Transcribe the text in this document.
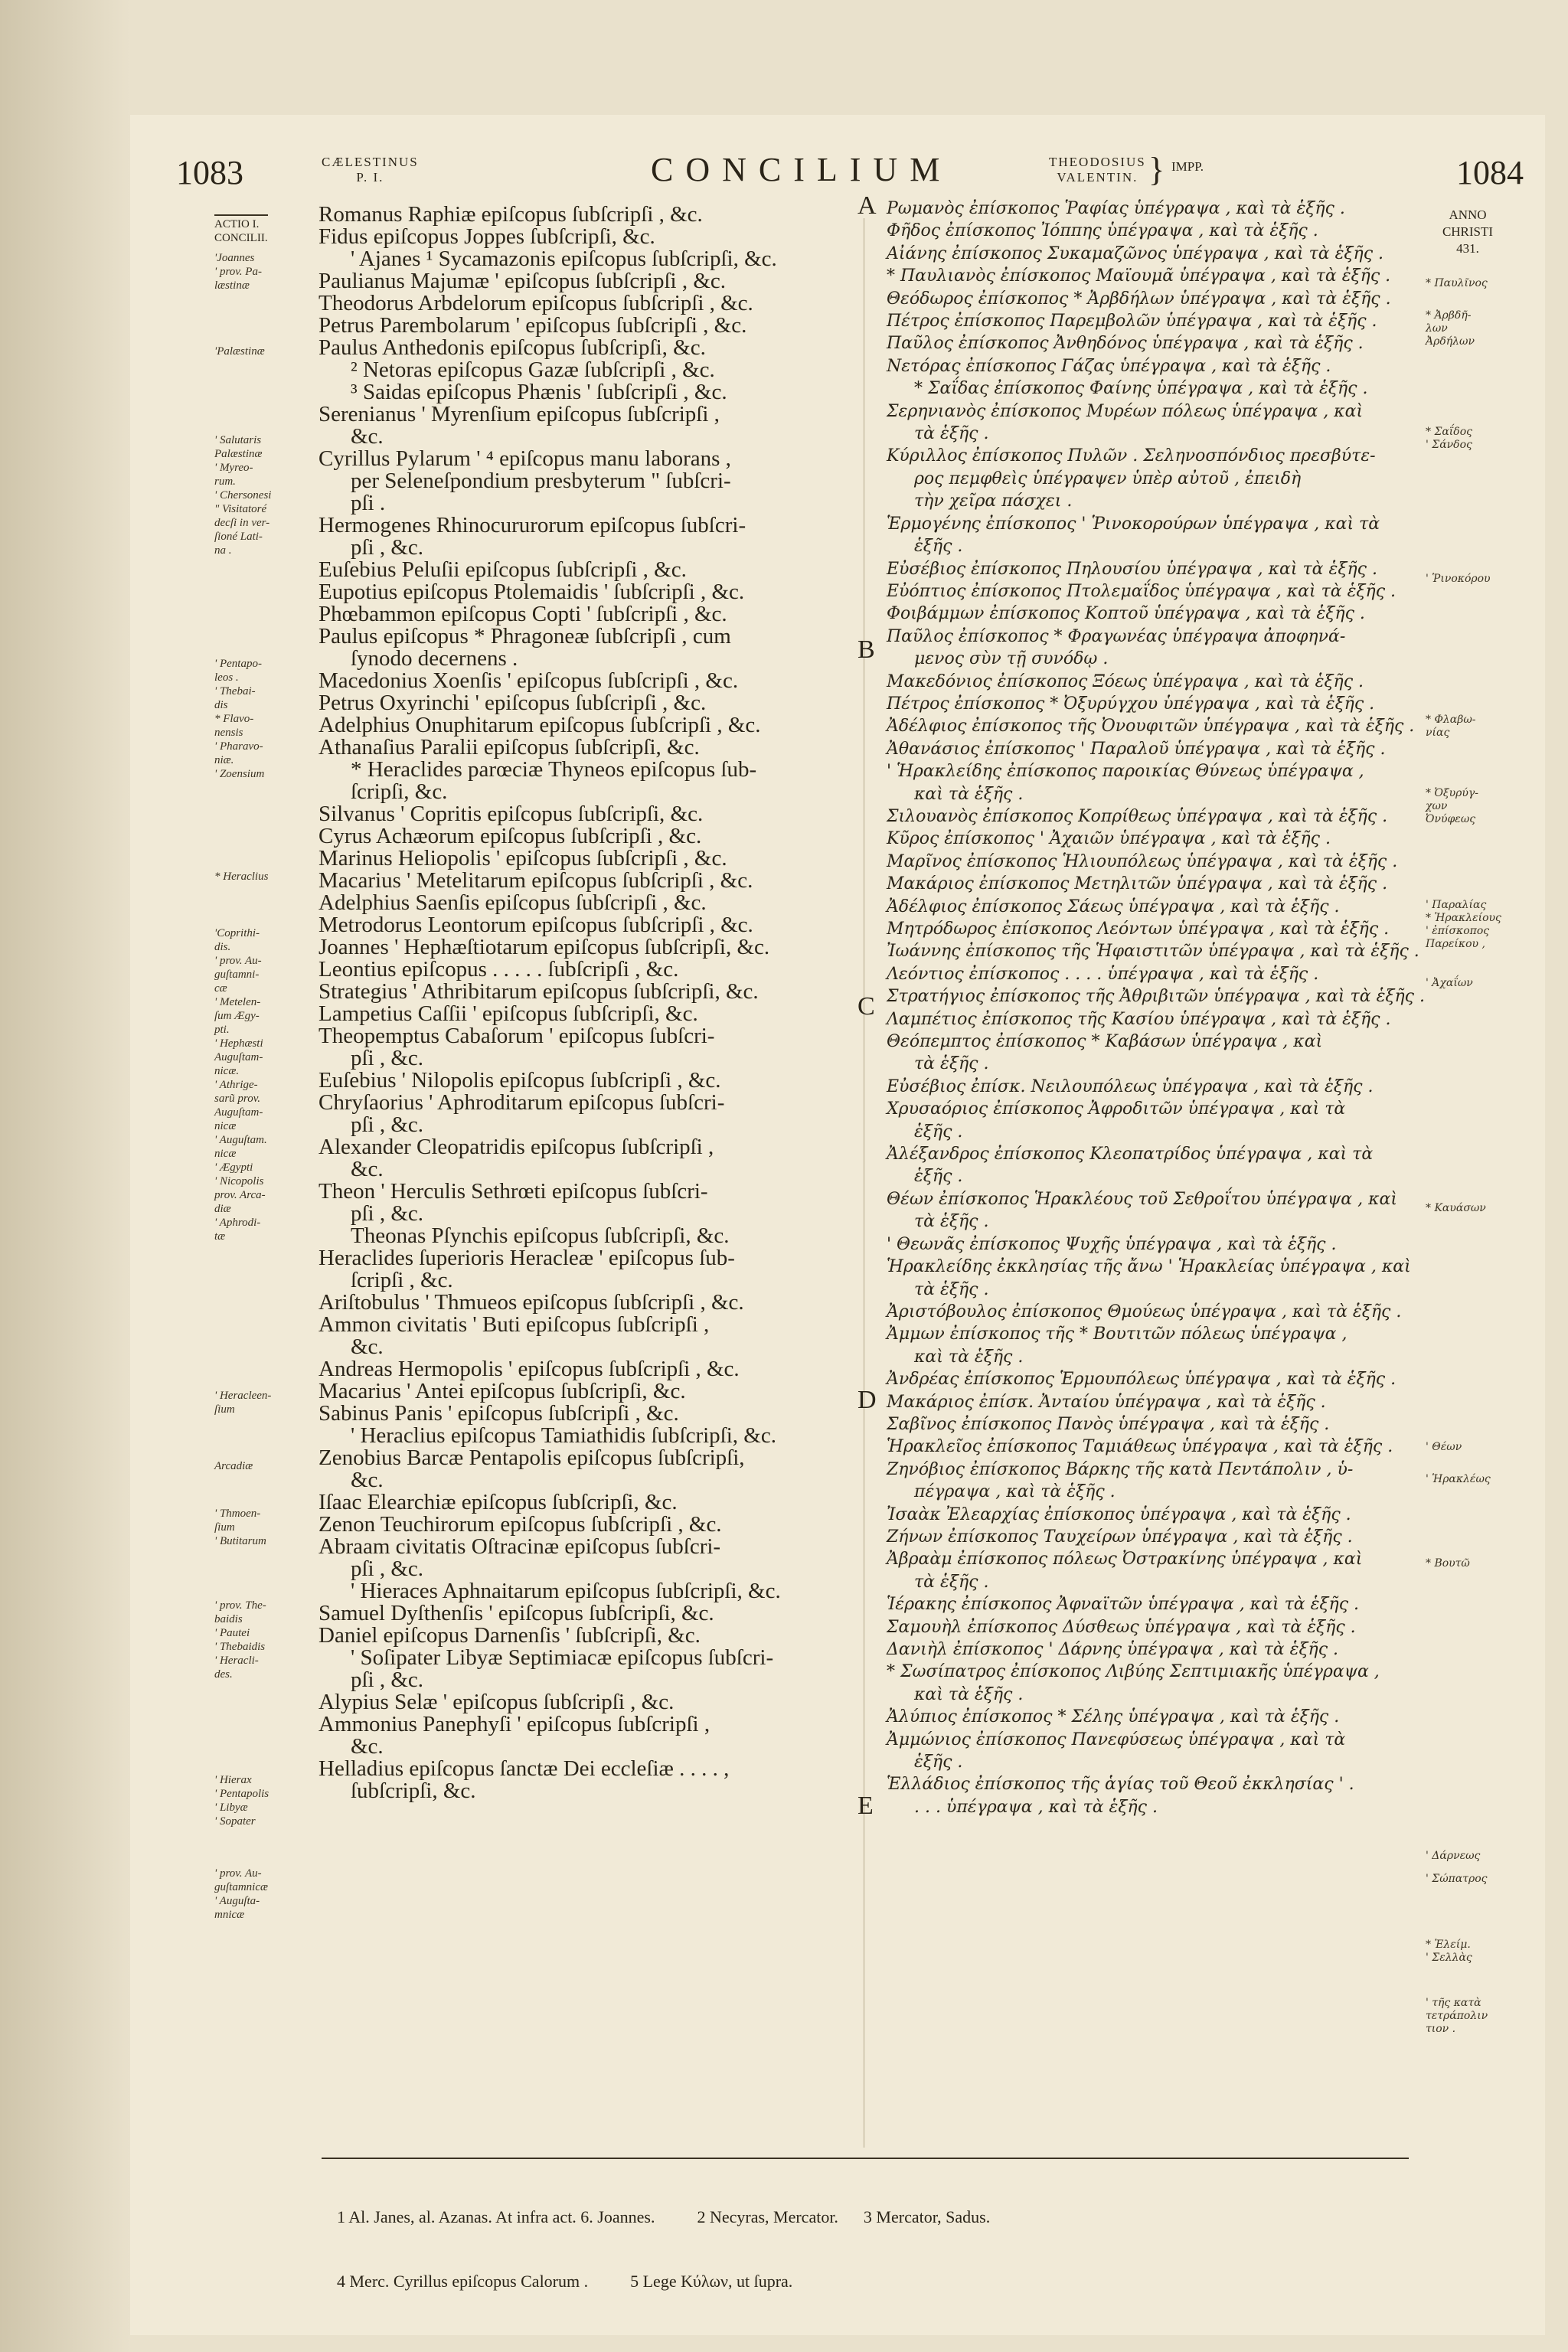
1083	CÆLESTINUS
P. I.	CONCILIUM	THEODOSIUS
VALENTIN. } IMPP.	1084
ACTIO I.
CONCILII.
'Joannes
' prov. Pa-
læstinæ
'Palæstinæ
' Salutaris
Palæstinæ
' Myreo-
rum.
' Chersonesi
" Visitatoré
decſi in ver-
ſioné Lati-
na .
' Pentapo-
leos .
' Thebai-
dis
* Flavo-
nensis
' Pharavo-
niæ.
' Zoensium
* Heraclius
'Coprithi-
dis.
' prov. Au-
guſtamni-
cæ
' Metelen-
ſum Ægy-
pti.
' Hephæsti
Auguſtam-
nicæ.
' Athrige-
sarũ prov.
Auguſtam-
nicæ
' Auguſtam.
nicæ
' Ægypti
' Nicopolis
prov. Arca-
diæ
' Aphrodi-
tæ
' Heracleen-
ſium
Arcadiæ
' Thmoen-
ſium
' Butitarum
' prov. The-
baidis
' Pautei
' Thebaidis
' Heracli-
des.
' Hierax
' Pentapolis
' Libyæ
' Sopater
' prov. Au-
guſtamnicæ
' Auguſta-
mnicæ
Romanus Raphiæ epiſcopus ſubſcripſi , &c.
Fidus epiſcopus Joppes ſubſcripſi, &c.
' Ajanes ¹ Sycamazonis epiſcopus ſubſcripſi, &c.
Paulianus Majumæ ' epiſcopus ſubſcripſi , &c.
Theodorus Arbdelorum epiſcopus ſubſcripſi , &c.
Petrus Parembolarum ' epiſcopus ſubſcripſi , &c.
Paulus Anthedonis epiſcopus ſubſcripſi, &c.
² Netoras epiſcopus Gazæ ſubſcripſi , &c.
³ Saidas epiſcopus Phænis ' ſubſcripſi , &c.
Serenianus ' Myrenſium epiſcopus ſubſcripſi ,
&c.
Cyrillus Pylarum ' ⁴ epiſcopus manu laborans ,
per Seleneſpondium presbyterum " ſubſcri-
pſi .
Hermogenes Rhinocururorum epiſcopus ſubſcri-
pſi , &c.
Euſebius Peluſii epiſcopus ſubſcripſi , &c.
Eupotius epiſcopus Ptolemaidis ' ſubſcripſi , &c.
Phœbammon epiſcopus Copti ' ſubſcripſi , &c.
Paulus epiſcopus * Phragoneæ ſubſcripſi , cum
ſynodo decernens .
Macedonius Xoenſis ' epiſcopus ſubſcripſi , &c.
Petrus Oxyrinchi ' epiſcopus ſubſcripſi , &c.
Adelphius Onuphitarum epiſcopus ſubſcripſi , &c.
Athanaſius Paralii epiſcopus ſubſcripſi, &c.
* Heraclides parœciæ Thyneos epiſcopus ſub-
ſcripſi, &c.
Silvanus ' Copritis epiſcopus ſubſcripſi, &c.
Cyrus Achæorum epiſcopus ſubſcripſi , &c.
Marinus Heliopolis ' epiſcopus ſubſcripſi , &c.
Macarius ' Metelitarum epiſcopus ſubſcripſi , &c.
Adelphius Saenſis epiſcopus ſubſcripſi , &c.
Metrodorus Leontorum epiſcopus ſubſcripſi , &c.
Joannes ' Hephæſtiotarum epiſcopus ſubſcripſi, &c.
Leontius epiſcopus . . . . . ſubſcripſi , &c.
Strategius ' Athribitarum epiſcopus ſubſcripſi, &c.
Lampetius Caſſii ' epiſcopus ſubſcripſi, &c.
Theopemptus Cabaſorum ' epiſcopus ſubſcri-
pſi , &c.
Euſebius ' Nilopolis epiſcopus ſubſcripſi , &c.
Chryſaorius ' Aphroditarum epiſcopus ſubſcri-
pſi , &c.
Alexander Cleopatridis epiſcopus ſubſcripſi ,
&c.
Theon ' Herculis Sethrœti epiſcopus ſubſcri-
pſi , &c.
Theonas Pſynchis epiſcopus ſubſcripſi, &c.
Heraclides ſuperioris Heracleæ ' epiſcopus ſub-
ſcripſi , &c.
Ariſtobulus ' Thmueos epiſcopus ſubſcripſi , &c.
Ammon civitatis ' Buti epiſcopus ſubſcripſi ,
&c.
Andreas Hermopolis ' epiſcopus ſubſcripſi , &c.
Macarius ' Antei epiſcopus ſubſcripſi, &c.
Sabinus Panis ' epiſcopus ſubſcripſi , &c.
' Heraclius epiſcopus Tamiathidis ſubſcripſi, &c.
Zenobius Barcæ Pentapolis epiſcopus ſubſcripſi,
&c.
Iſaac Elearchiæ epiſcopus ſubſcripſi, &c.
Zenon Teuchirorum epiſcopus ſubſcripſi , &c.
Abraam civitatis Oſtracinæ epiſcopus ſubſcri-
pſi , &c.
' Hieraces Aphnaitarum epiſcopus ſubſcripſi, &c.
Samuel Dyſthenſis ' epiſcopus ſubſcripſi, &c.
Daniel epiſcopus Darnenſis ' ſubſcripſi, &c.
' Soſipater Libyæ Septimiacæ epiſcopus ſubſcri-
pſi , &c.
Alypius Selæ ' epiſcopus ſubſcripſi , &c.
Ammonius Panephyſi ' epiſcopus ſubſcripſi ,
&c.
Helladius epiſcopus ſanctæ Dei eccleſiæ . . . . ,
ſubſcripſi, &c.
A
B
C
D
E
Ρωμανὸς ἐπίσκοπος Ῥαφίας ὑπέγραψα , καὶ τὰ ἑξῆς .
Φῆδος ἐπίσκοπος Ἰόππης ὑπέγραψα , καὶ τὰ ἑξῆς .
Αἰάνης ἐπίσκοπος Συκαμαζῶνος ὑπέγραψα , καὶ τὰ ἑξῆς .
* Παυλιανὸς ἐπίσκοπος Μαϊουμᾶ ὑπέγραψα , καὶ τὰ ἑξῆς .
Θεόδωρος ἐπίσκοπος * Ἀρβδήλων ὑπέγραψα , καὶ τὰ ἑξῆς .
Πέτρος ἐπίσκοπος Παρεμβολῶν ὑπέγραψα , καὶ τὰ ἑξῆς .
Παῦλος ἐπίσκοπος Ἀνθηδόνος ὑπέγραψα , καὶ τὰ ἑξῆς .
Νετόρας ἐπίσκοπος Γάζας ὑπέγραψα , καὶ τὰ ἑξῆς .
* Σαΐδας ἐπίσκοπος Φαίνης ὑπέγραψα , καὶ τὰ ἑξῆς .
Σερηνιανὸς ἐπίσκοπος Μυρέων πόλεως ὑπέγραψα , καὶ
τὰ ἑξῆς .
Κύριλλος ἐπίσκοπος Πυλῶν . Σεληνοσπόνδιος πρεσβύτε-
ρος πεμφθεὶς ὑπέγραψεν ὑπὲρ αὐτοῦ , ἐπειδὴ
τὴν χεῖρα πάσχει .
Ἑρμογένης ἐπίσκοπος ' Ῥινοκορούρων ὑπέγραψα , καὶ τὰ
ἑξῆς .
Εὐσέβιος ἐπίσκοπος Πηλουσίου ὑπέγραψα , καὶ τὰ ἑξῆς .
Εὐόπτιος ἐπίσκοπος Πτολεμαΐδος ὑπέγραψα , καὶ τὰ ἑξῆς .
Φοιβάμμων ἐπίσκοπος Κοπτοῦ ὑπέγραψα , καὶ τὰ ἑξῆς .
Παῦλος ἐπίσκοπος * Φραγωνέας ὑπέγραψα ἀποφηνά-
μενος σὺν τῇ συνόδῳ .
Μακεδόνιος ἐπίσκοπος Ξόεως ὑπέγραψα , καὶ τὰ ἑξῆς .
Πέτρος ἐπίσκοπος * Ὀξυρύγχου ὑπέγραψα , καὶ τὰ ἑξῆς .
Ἀδέλφιος ἐπίσκοπος τῆς Ὀνουφιτῶν ὑπέγραψα , καὶ τὰ ἑξῆς .
Ἀθανάσιος ἐπίσκοπος ' Παραλοῦ ὑπέγραψα , καὶ τὰ ἑξῆς .
' Ἡρακλείδης ἐπίσκοπος παροικίας Θύνεως ὑπέγραψα ,
καὶ τὰ ἑξῆς .
Σιλουανὸς ἐπίσκοπος Κοπρίθεως ὑπέγραψα , καὶ τὰ ἑξῆς .
Κῦρος ἐπίσκοπος ' Ἀχαιῶν ὑπέγραψα , καὶ τὰ ἑξῆς .
Μαρῖνος ἐπίσκοπος Ἡλιουπόλεως ὑπέγραψα , καὶ τὰ ἑξῆς .
Μακάριος ἐπίσκοπος Μετηλιτῶν ὑπέγραψα , καὶ τὰ ἑξῆς .
Ἀδέλφιος ἐπίσκοπος Σάεως ὑπέγραψα , καὶ τὰ ἑξῆς .
Μητρόδωρος ἐπίσκοπος Λεόντων ὑπέγραψα , καὶ τὰ ἑξῆς .
Ἰωάννης ἐπίσκοπος τῆς Ἡφαιστιτῶν ὑπέγραψα , καὶ τὰ ἑξῆς .
Λεόντιος ἐπίσκοπος . . . . ὑπέγραψα , καὶ τὰ ἑξῆς .
Στρατήγιος ἐπίσκοπος τῆς Ἀθριβιτῶν ὑπέγραψα , καὶ τὰ ἑξῆς .
Λαμπέτιος ἐπίσκοπος τῆς Κασίου ὑπέγραψα , καὶ τὰ ἑξῆς .
Θεόπεμπτος ἐπίσκοπος * Καβάσων ὑπέγραψα , καὶ
τὰ ἑξῆς .
Εὐσέβιος ἐπίσκ. Νειλουπόλεως ὑπέγραψα , καὶ τὰ ἑξῆς .
Χρυσαόριος ἐπίσκοπος Ἀφροδιτῶν ὑπέγραψα , καὶ τὰ
ἑξῆς .
Ἀλέξανδρος ἐπίσκοπος Κλεοπατρίδος ὑπέγραψα , καὶ τὰ
ἑξῆς .
Θέων ἐπίσκοπος Ἡρακλέους τοῦ Σεθροΐτου ὑπέγραψα , καὶ
τὰ ἑξῆς .
' Θεωνᾶς ἐπίσκοπος Ψυχῆς ὑπέγραψα , καὶ τὰ ἑξῆς .
Ἡρακλείδης ἐκκλησίας τῆς ἄνω ' Ἡρακλείας ὑπέγραψα , καὶ
τὰ ἑξῆς .
Ἀριστόβουλος ἐπίσκοπος Θμούεως ὑπέγραψα , καὶ τὰ ἑξῆς .
Ἀμμων ἐπίσκοπος τῆς * Βουτιτῶν πόλεως ὑπέγραψα ,
καὶ τὰ ἑξῆς .
Ἀνδρέας ἐπίσκοπος Ἑρμουπόλεως ὑπέγραψα , καὶ τὰ ἑξῆς .
Μακάριος ἐπίσκ. Ἀνταίου ὑπέγραψα , καὶ τὰ ἑξῆς .
Σαβῖνος ἐπίσκοπος Πανὸς ὑπέγραψα , καὶ τὰ ἑξῆς .
Ἡρακλεῖος ἐπίσκοπος Ταμιάθεως ὑπέγραψα , καὶ τὰ ἑξῆς .
Ζηνόβιος ἐπίσκοπος Βάρκης τῆς κατὰ Πεντάπολιν , ὑ-
πέγραψα , καὶ τὰ ἑξῆς .
Ἰσαὰκ Ἐλεαρχίας ἐπίσκοπος ὑπέγραψα , καὶ τὰ ἑξῆς .
Ζήνων ἐπίσκοπος Ταυχείρων ὑπέγραψα , καὶ τὰ ἑξῆς .
Ἀβραὰμ ἐπίσκοπος πόλεως Ὀστρακίνης ὑπέγραψα , καὶ
τὰ ἑξῆς .
Ἱέρακης ἐπίσκοπος Ἀφναϊτῶν ὑπέγραψα , καὶ τὰ ἑξῆς .
Σαμουὴλ ἐπίσκοπος Δύσθεως ὑπέγραψα , καὶ τὰ ἑξῆς .
Δανιὴλ ἐπίσκοπος ' Δάρνης ὑπέγραψα , καὶ τὰ ἑξῆς .
* Σωσίπατρος ἐπίσκοπος Λιβύης Σεπτιμιακῆς ὑπέγραψα ,
καὶ τὰ ἑξῆς .
Ἀλύπιος ἐπίσκοπος * Σέλης ὑπέγραψα , καὶ τὰ ἑξῆς .
Ἀμμώνιος ἐπίσκοπος Πανεφύσεως ὑπέγραψα , καὶ τὰ
ἑξῆς .
Ἑλλάδιος ἐπίσκοπος τῆς ἁγίας τοῦ Θεοῦ ἐκκλησίας ' .
. . . ὑπέγραψα , καὶ τὰ ἑξῆς .
ANNO
CHRISTI
431.
* Παυλῖνος
* Ἀρβδῆ-
λων
Ἀρδήλων
* Σαΐδος
' Σάνδος
' Ῥινοκόρου
* Φλαβω-
νίας
* Ὀξυρύγ-
χων
Ὀνύφεως
' Παραλίας
* Ἡρακλείους
' ἐπίσκοπος
Παρείκου ,
' Ἀχαΐων
* Καυάσων
' Θέων
' Ἡρακλέως
* Βουτῶ
' Δάρνεως
' Σώπατρος
* Ἐλείμ.
' Σελλὰς
' τῆς κατὰ
τετράπολιν
τιον .

1 Al. Janes, al. Azanas. At infra act. 6. Joannes.          2 Necyras, Mercator.      3 Mercator, Sadus.

4 Merc. Cyrillus epiſcopus Calorum .          5 Lege Κύλων, ut ſupra.
